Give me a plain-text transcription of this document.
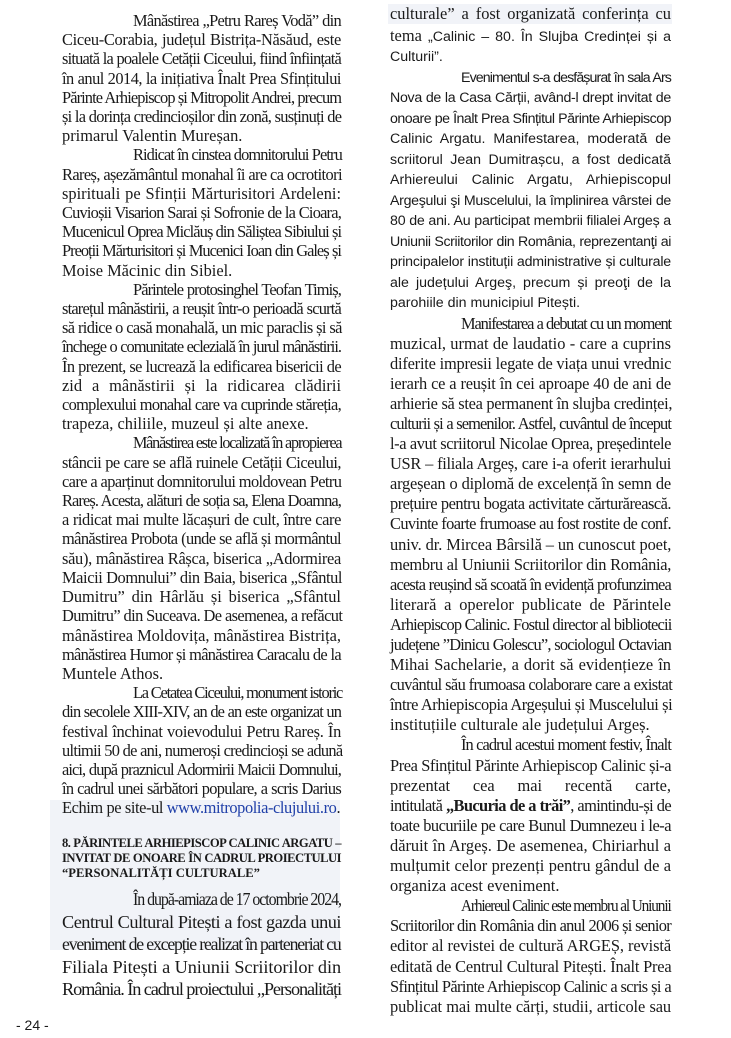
Mânăstirea „Petru Rareș Vodă” din
Ciceu-Corabia, județul Bistrița-Năsăud, este
situată la poalele Cetății Ciceului, fiind înființată
în anul 2014, la inițiativa Înalt Prea Sfințitului
Părinte Arhiepiscop și Mitropolit Andrei, precum
și la dorința credincioșilor din zonă, susținuți de
primarul Valentin Mureșan.
Ridicat în cinstea domnitorului Petru
Rareș, așezământul monahal îi are ca ocrotitori
spirituali pe Sfinții Mărturisitori Ardeleni:
Cuvioșii Visarion Sarai și Sofronie de la Cioara,
Mucenicul Oprea Miclăuș din Săliștea Sibiului și
Preoții Mărturisitori și Mucenici Ioan din Galeș și
Moise Măcinic din Sibiel.
Părintele protosinghel Teofan Timiș,
starețul mânăstirii, a reușit într-o perioadă scurtă
să ridice o casă monahală, un mic paraclis și să
închege o comunitate eclezială în jurul mânăstirii.
În prezent, se lucrează la edificarea bisericii de
zid a mânăstirii și la ridicarea clădirii
complexului monahal care va cuprinde stăreția,
trapeza, chiliile, muzeul și alte anexe.
Mânăstirea este localizată în apropierea
stâncii pe care se află ruinele Cetății Ciceului,
care a aparținut domnitorului moldovean Petru
Rareș. Acesta, alături de soția sa, Elena Doamna,
a ridicat mai multe lăcașuri de cult, între care
mânăstirea Probota (unde se află și mormântul
său), mânăstirea Râșca, biserica „Adormirea
Maicii Domnului” din Baia, biserica „Sfântul
Dumitru” din Hârlău și biserica „Sfântul
Dumitru” din Suceava. De asemenea, a refăcut
mânăstirea Moldovița, mânăstirea Bistrița,
mânăstirea Humor și mânăstirea Caracalu de la
Muntele Athos.
La Cetatea Ciceului, monument istoric
din secolele XIII-XIV, an de an este organizat un
festival închinat voievodului Petru Rareș. În
ultimii 50 de ani, numeroși credincioși se adună
aici, după praznicul Adormirii Maicii Domnului,
în cadrul unei sărbători populare, a scris Darius
Echim pe site-ul www.mitropolia-clujului.ro.
8. PĂRINTELE ARHIEPISCOP CALINIC ARGATU –
INVITAT DE ONOARE ÎN CADRUL PROIECTULUI
“PERSONALITĂȚI CULTURALE”
În după-amiaza de 17 octombrie 2024,
Centrul Cultural Pitești a fost gazda unui
eveniment de excepție realizat în parteneriat cu
Filiala Pitești a Uniunii Scriitorilor din
România. În cadrul proiectului „Personalități
culturale” a fost organizată conferința cu
tema „Calinic – 80. În Slujba Credinței și a
Culturii”.
Evenimentul s-a desfășurat în sala Ars
Nova de la Casa Cărții, având-l drept invitat de
onoare pe Înalt Prea Sfințitul Părinte Arhiepiscop
Calinic Argatu. Manifestarea, moderată de
scriitorul Jean Dumitrașcu, a fost dedicată
Arhiereului Calinic Argatu, Arhiepiscopul
Argeşului şi Muscelului, la împlinirea vârstei de
80 de ani. Au participat membrii filialei Argeș a
Uniunii Scriitorilor din România, reprezentanţi ai
principalelor instituții administrative și culturale
ale județului Argeş, precum și preoţi de la
parohiile din municipiul Pitești.
Manifestarea a debutat cu un moment
muzical, urmat de laudatio - care a cuprins
diferite impresii legate de viața unui vrednic
ierarh ce a reușit în cei aproape 40 de ani de
arhierie să stea permanent în slujba credinței,
culturii și a semenilor. Astfel, cuvântul de început
l-a avut scriitorul Nicolae Oprea, președintele
USR – filiala Argeș, care i-a oferit ierarhului
argeșean o diplomă de excelență în semn de
prețuire pentru bogata activitate cărturărească.
Cuvinte foarte frumoase au fost rostite de conf.
univ. dr. Mircea Bârsilă – un cunoscut poet,
membru al Uniunii Scriitorilor din România,
acesta reușind să scoată în evidență profunzimea
literară a operelor publicate de Părintele
Arhiepiscop Calinic. Fostul director al bibliotecii
județene ”Dinicu Golescu”, sociologul Octavian
Mihai Sachelarie, a dorit să evidențieze în
cuvântul său frumoasa colaborare care a existat
între Arhiepiscopia Argeșului și Muscelului și
instituțiile culturale ale județului Argeș.
În cadrul acestui moment festiv, Înalt
Prea Sfințitul Părinte Arhiepiscop Calinic și-a
prezentat cea mai recentă carte,
intitulată „Bucuria de a trăi”, amintindu-și de
toate bucuriile pe care Bunul Dumnezeu i le-a
dăruit în Argeș. De asemenea, Chiriarhul a
mulțumit celor prezenți pentru gândul de a
organiza acest eveniment.
Arhiereul Calinic este membru al Uniunii
Scriitorilor din România din anul 2006 și senior
editor al revistei de cultură ARGEȘ, revistă
editată de Centrul Cultural Pitești. Înalt Prea
Sfințitul Părinte Arhiepiscop Calinic a scris și a
publicat mai multe cărți, studii, articole sau
- 24 -
